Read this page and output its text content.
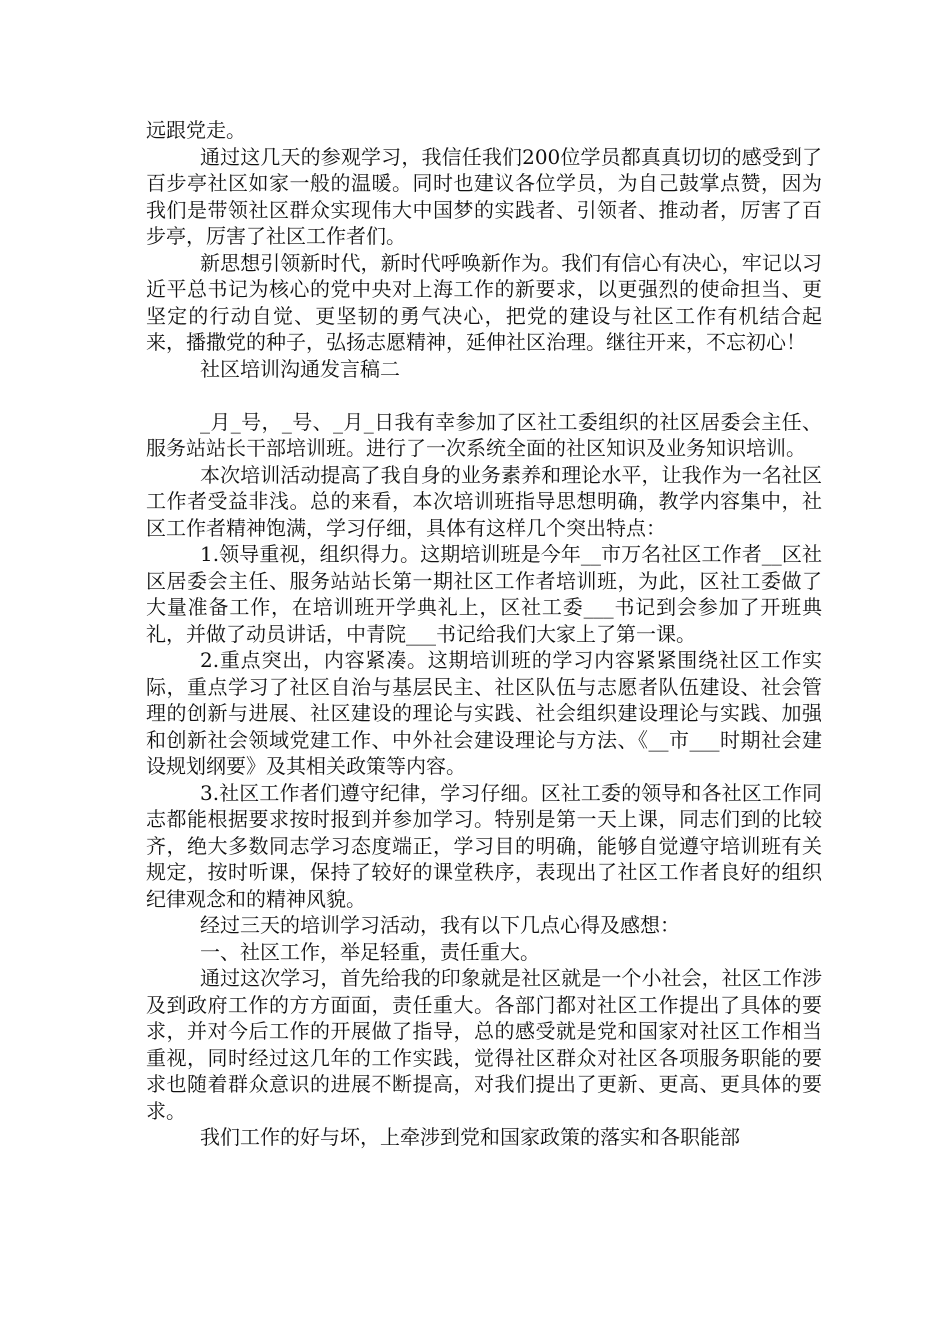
远跟党走。

通过这几天的参观学习，我信任我们200位学员都真真切切的感受到了百步亭社区如家一般的温暖。同时也建议各位学员，为自己鼓掌点赞，因为我们是带领社区群众实现伟大中国梦的实践者、引领者、推动者，厉害了百步亭，厉害了社区工作者们。

新思想引领新时代，新时代呼唤新作为。我们有信心有决心，牢记以习近平总书记为核心的党中央对上海工作的新要求，以更强烈的使命担当、更坚定的行动自觉、更坚韧的勇气决心，把党的建设与社区工作有机结合起来，播撒党的种子，弘扬志愿精神，延伸社区治理。继往开来，不忘初心！

社区培训沟通发言稿二

_月_号，_号、_月_日我有幸参加了区社工委组织的社区居委会主任、服务站站长干部培训班。进行了一次系统全面的社区知识及业务知识培训。

本次培训活动提高了我自身的业务素养和理论水平，让我作为一名社区工作者受益非浅。总的来看，本次培训班指导思想明确，教学内容集中，社区工作者精神饱满，学习仔细，具体有这样几个突出特点：

1.领导重视，组织得力。这期培训班是今年__市万名社区工作者__区社区居委会主任、服务站站长第一期社区工作者培训班，为此，区社工委做了大量准备工作，在培训班开学典礼上，区社工委___书记到会参加了开班典礼，并做了动员讲话，中青院___书记给我们大家上了第一课。

2.重点突出，内容紧凑。这期培训班的学习内容紧紧围绕社区工作实际，重点学习了社区自治与基层民主、社区队伍与志愿者队伍建设、社会管理的创新与进展、社区建设的理论与实践、社会组织建设理论与实践、加强和创新社会领域党建工作、中外社会建设理论与方法、《__市___时期社会建设规划纲要》及其相关政策等内容。

3.社区工作者们遵守纪律，学习仔细。区社工委的领导和各社区工作同志都能根据要求按时报到并参加学习。特别是第一天上课，同志们到的比较齐，绝大多数同志学习态度端正，学习目的明确，能够自觉遵守培训班有关规定，按时听课，保持了较好的课堂秩序，表现出了社区工作者良好的组织纪律观念和的精神风貌。

经过三天的培训学习活动，我有以下几点心得及感想：

一、社区工作，举足轻重，责任重大。

通过这次学习，首先给我的印象就是社区就是一个小社会，社区工作涉及到政府工作的方方面面，责任重大。各部门都对社区工作提出了具体的要求，并对今后工作的开展做了指导，总的感受就是党和国家对社区工作相当重视，同时经过这几年的工作实践，觉得社区群众对社区各项服务职能的要求也随着群众意识的进展不断提高，对我们提出了更新、更高、更具体的要求。

我们工作的好与坏，上牵涉到党和国家政策的落实和各职能部
